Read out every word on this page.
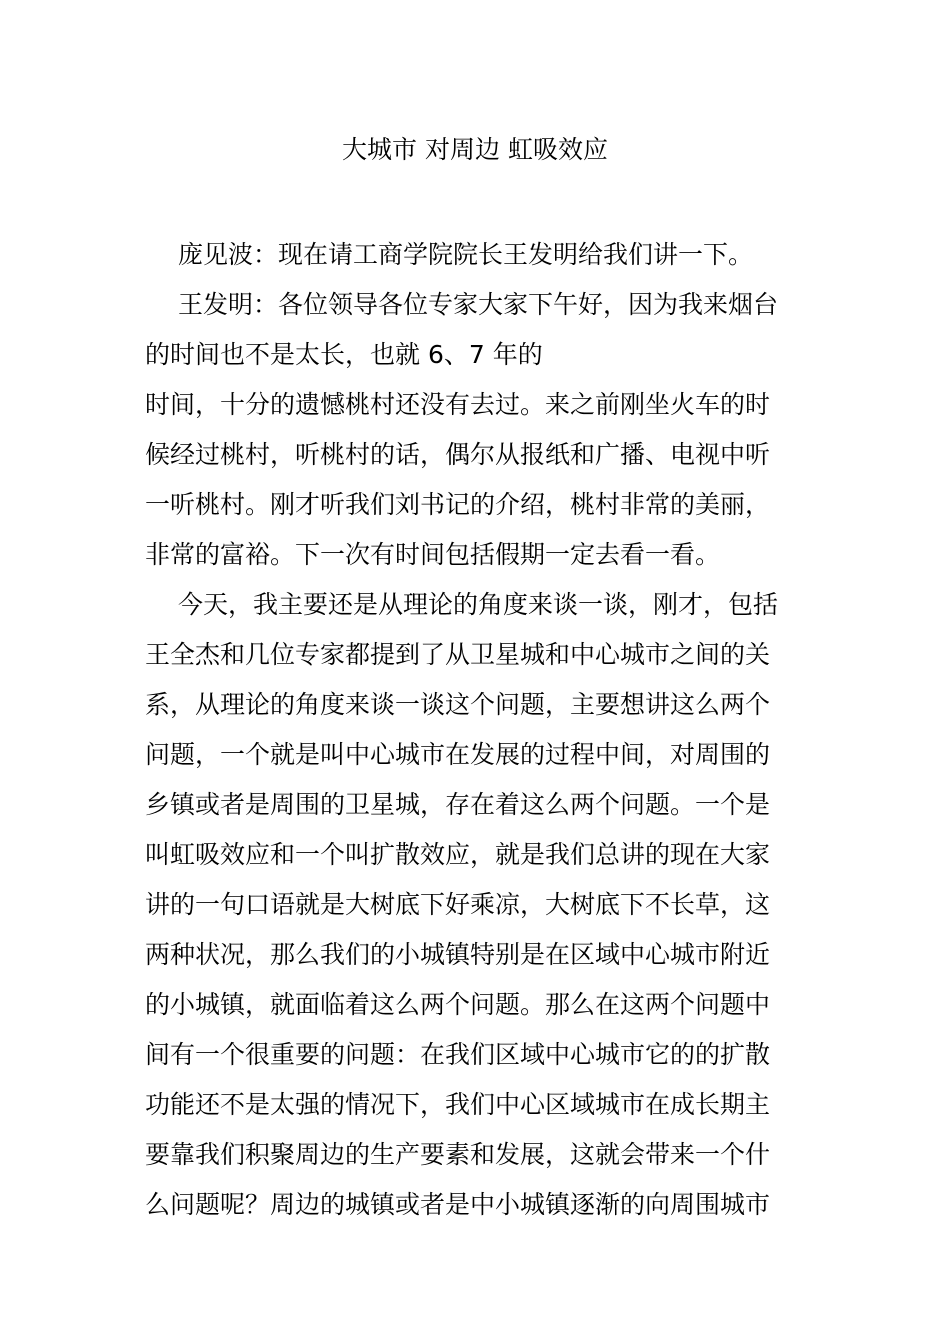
大城市 对周边 虹吸效应
庞见波：现在请工商学院院长王发明给我们讲一下。
王发明：各位领导各位专家大家下午好，因为我来烟台
的时间也不是太长，也就 6、7 年的
时间，十分的遗憾桃村还没有去过。来之前刚坐火车的时
候经过桃村，听桃村的话，偶尔从报纸和广播、电视中听
一听桃村。刚才听我们刘书记的介绍，桃村非常的美丽，
非常的富裕。下一次有时间包括假期一定去看一看。
今天，我主要还是从理论的角度来谈一谈，刚才，包括
王全杰和几位专家都提到了从卫星城和中心城市之间的关
系，从理论的角度来谈一谈这个问题，主要想讲这么两个
问题，一个就是叫中心城市在发展的过程中间，对周围的
乡镇或者是周围的卫星城，存在着这么两个问题。一个是
叫虹吸效应和一个叫扩散效应，就是我们总讲的现在大家
讲的一句口语就是大树底下好乘凉，大树底下不长草，这
两种状况，那么我们的小城镇特别是在区域中心城市附近
的小城镇，就面临着这么两个问题。那么在这两个问题中
间有一个很重要的问题：在我们区域中心城市它的的扩散
功能还不是太强的情况下，我们中心区域城市在成长期主
要靠我们积聚周边的生产要素和发展，这就会带来一个什
么问题呢？周边的城镇或者是中小城镇逐渐的向周围城市
